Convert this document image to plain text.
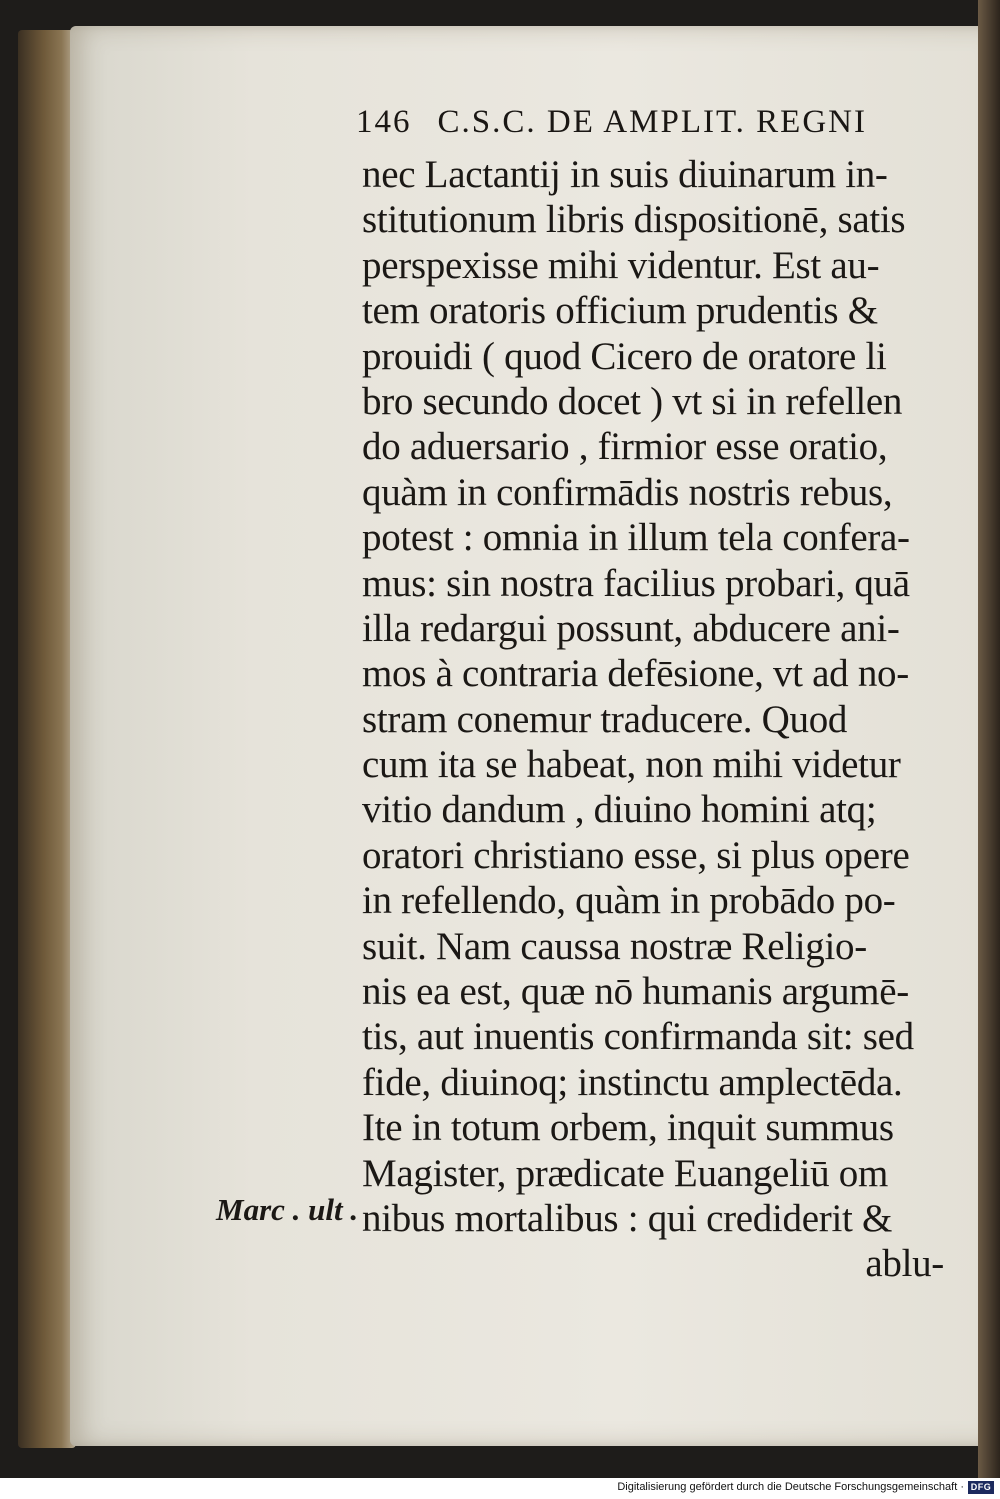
146 C.S.C. DE AMPLIT. REGNI
nec Lactantij in suis diuinarum in-
stitutionum libris dispositionē, satis
perspexisse mihi videntur. Est au-
tem oratoris officium prudentis &
prouidi ( quod Cicero de oratore li
bro secundo docet ) vt si in refellen
do aduersario , firmior esse oratio,
quàm in confirmādis nostris rebus,
potest : omnia in illum tela confera-
mus: sin nostra facilius probari, quā
illa redargui possunt, abducere ani-
mos à contraria defēsione, vt ad no-
stram conemur traducere. Quod
cum ita se habeat, non mihi videtur
vitio dandum , diuino homini atq;
oratori christiano esse, si plus opere
in refellendo, quàm in probādo po-
suit. Nam caussa nostræ Religio-
nis ea est, quæ nō humanis argumē-
tis, aut inuentis confirmanda sit: sed
fide, diuinoq; instinctu amplectēda.
Ite in totum orbem, inquit summus
Magister, prædicate Euangeliū om
nibus mortalibus : qui crediderit &
ablu-
Marc . ult .
Digitalisierung gefördert durch die Deutsche Forschungsgemeinschaft · DFG
